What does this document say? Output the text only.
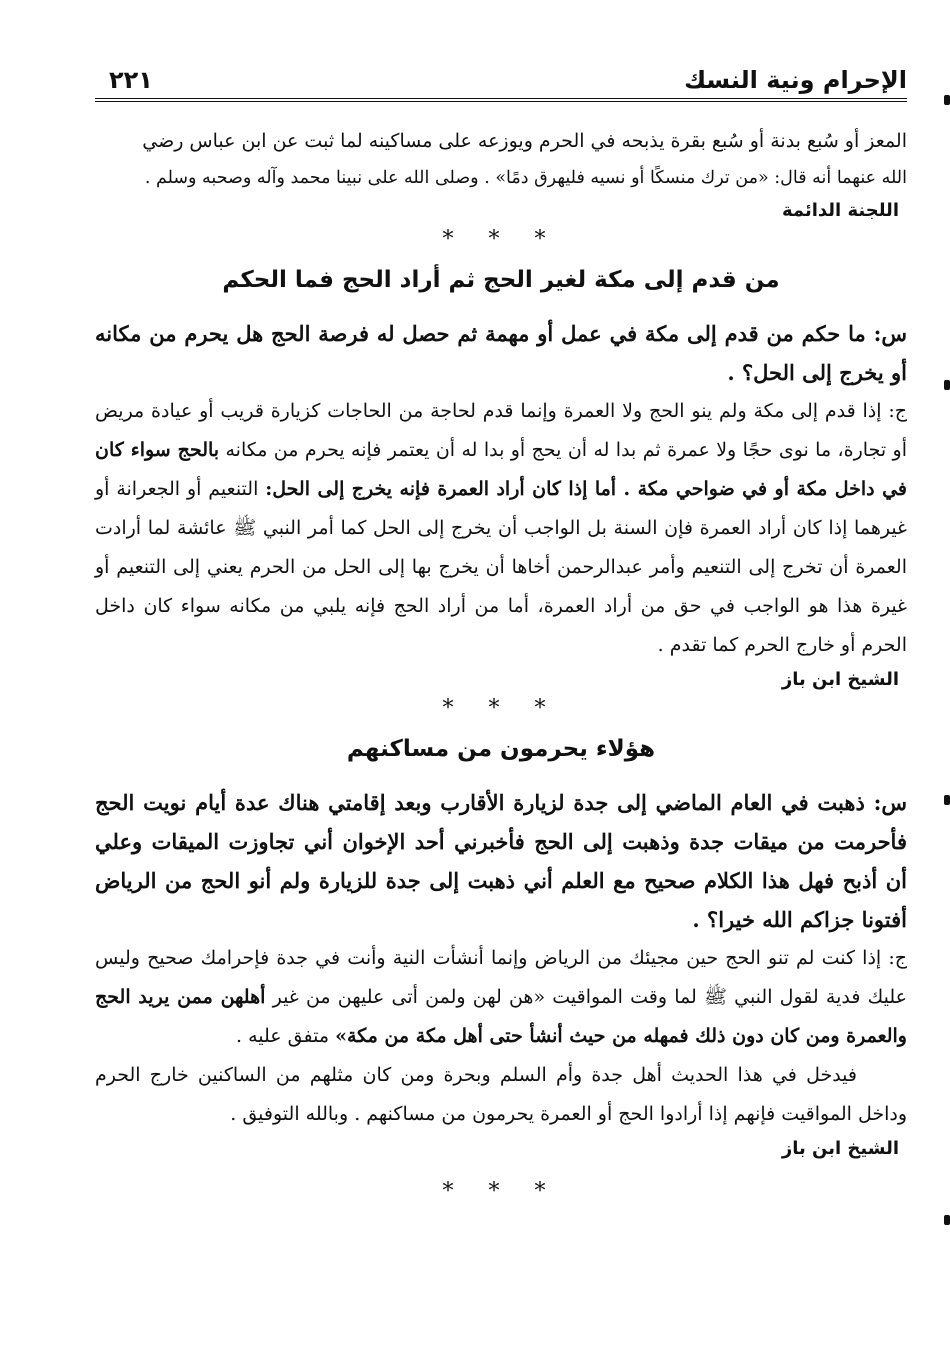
الإحرام ونية النسك
٢٢١

المعز أو سُبع بدنة أو سُبع بقرة يذبحه في الحرم ويوزعه على مساكينه لما ثبت عن ابن عباس رضي

الله عنهما أنه قال: «من ترك منسكًا أو نسيه فليهرق دمًا» . وصلى الله على نبينا محمد وآله وصحبه وسلم .

اللجنة الدائمة
* * *
من قدم إلى مكة لغير الحج ثم أراد الحج فما الحكم

س: ما حكم من قدم إلى مكة في عمل أو مهمة ثم حصل له فرصة الحج هل يحرم من مكانه أو يخرج إلى الحل؟ .

ج: إذا قدم إلى مكة ولم ينو الحج ولا العمرة وإنما قدم لحاجة من الحاجات كزيارة قريب أو عيادة مريض أو تجارة، ما نوى حجًا ولا عمرة ثم بدا له أن يحج أو بدا له أن يعتمر فإنه يحرم من مكانه بالحج سواء كان في داخل مكة أو في ضواحي مكة . أما إذا كان أراد العمرة فإنه يخرج إلى الحل: التنعيم أو الجعرانة أو غيرهما إذا كان أراد العمرة فإن السنة بل الواجب أن يخرج إلى الحل كما أمر النبي ﷺ عائشة لما أرادت العمرة أن تخرج إلى التنعيم وأمر عبدالرحمن أخاها أن يخرج بها إلى الحل من الحرم يعني إلى التنعيم أو غيرة هذا هو الواجب في حق من أراد العمرة، أما من أراد الحج فإنه يلبي من مكانه سواء كان داخل الحرم أو خارج الحرم كما تقدم .

الشيخ ابن باز
* * *
هؤلاء يحرمون من مساكنهم

س: ذهبت في العام الماضي إلى جدة لزيارة الأقارب وبعد إقامتي هناك عدة أيام نويت الحج فأحرمت من ميقات جدة وذهبت إلى الحج فأخبرني أحد الإخوان أني تجاوزت الميقات وعلي أن أذبح فهل هذا الكلام صحيح مع العلم أني ذهبت إلى جدة للزيارة ولم أنو الحج من الرياض أفتونا جزاكم الله خيرا؟ .

ج: إذا كنت لم تنو الحج حين مجيئك من الرياض وإنما أنشأت النية وأنت في جدة فإحرامك صحيح وليس عليك فدية لقول النبي ﷺ لما وقت المواقيت «هن لهن ولمن أتى عليهن من غير أهلهن ممن يريد الحج والعمرة ومن كان دون ذلك فمهله من حيث أنشأ حتى أهل مكة من مكة» متفق عليه .

فيدخل في هذا الحديث أهل جدة وأم السلم وبحرة ومن كان مثلهم من الساكنين خارج الحرم وداخل المواقيت فإنهم إذا أرادوا الحج أو العمرة يحرمون من مساكنهم . وبالله التوفيق .

الشيخ ابن باز
* * *
